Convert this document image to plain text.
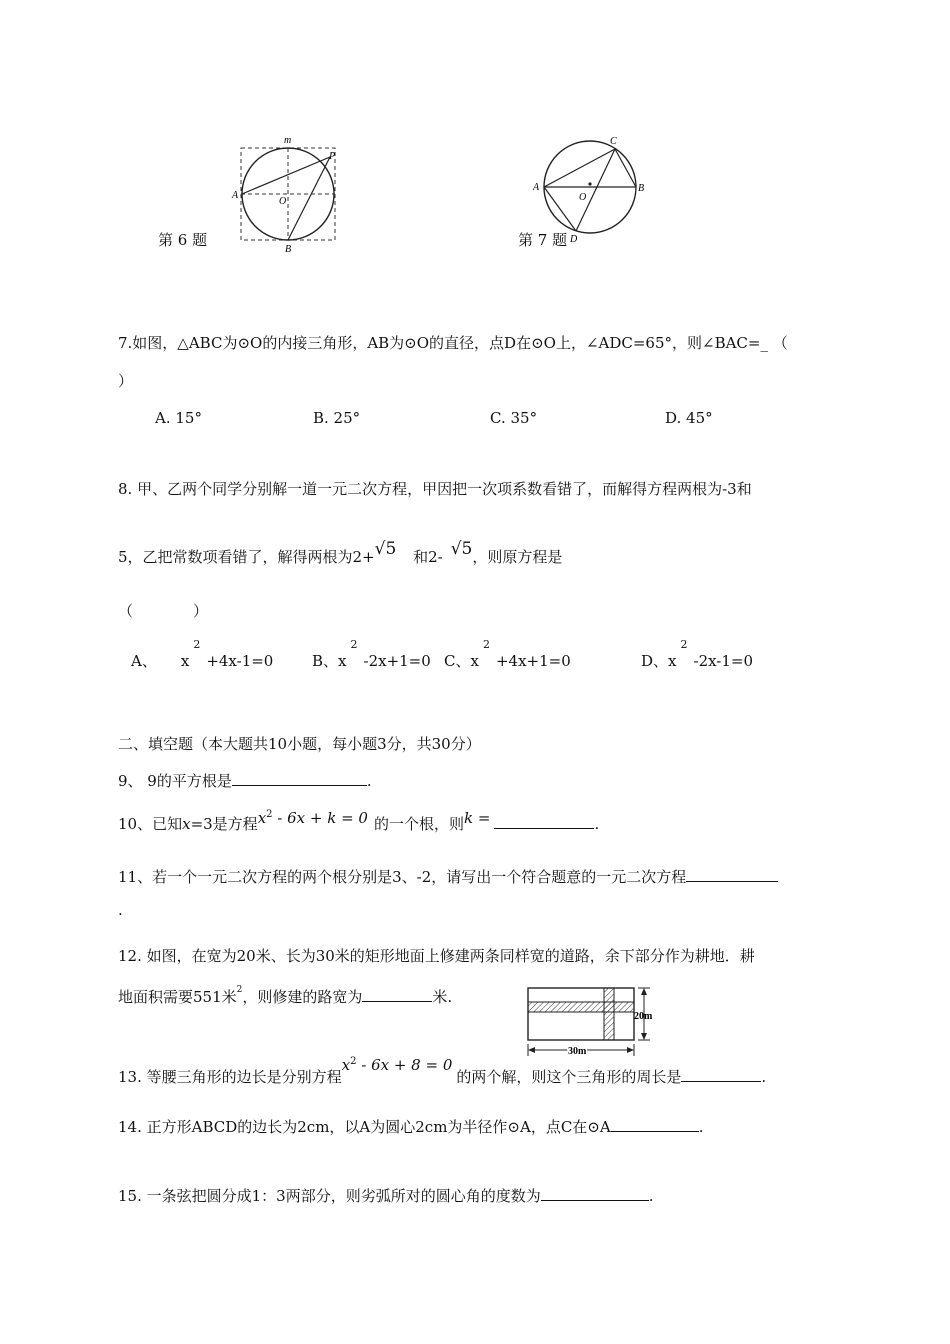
m
P
A
O
B
第 6 题
C
A
O
B
D
第 7 题
7.如图，△ABC为⊙O的内接三角形，AB为⊙O的直径，点D在⊙O上，∠ADC=65°，则∠BAC=_ （
）
A. 15°	B. 25°	C. 35°	D. 45°
8. 甲、乙两个同学分别解一道一元二次方程，甲因把一次项系数看错了，而解得方程两根为-3和
5，乙把常数项看错了，解得两根为2+√5 和2- √5，则原方程是
（　　　　）
A、 $x^2+4x-1=0$	B、$x^2-2x+1=0$ C、$x^2+4x+1=0$	D、$x^2-2x-1=0$
二、填空题（本大题共10小题，每小题3分，共30分）
9、 9的平方根是	.
10、已知x=3是方程$x^2 - 6x + k = 0$ 的一个根，则k =	.
11、若一个一元二次方程的两个根分别是3、-2，请写出一个符合题意的一元二次方程
.
12. 如图，在宽为20米、长为30米的矩形地面上修建两条同样宽的道路，余下部分作为耕地．耕
地面积需要551米$^2$，则修建的路宽为	米.
20m
30m
13. 等腰三角形的边长是分别方程$x^2 - 6x + 8 = 0$的两个解，则这个三角形的周长是	.
14. 正方形ABCD的边长为2cm，以A为圆心2cm为半径作⊙A，点C在⊙A	.
15. 一条弦把圆分成1：3两部分，则劣弧所对的圆心角的度数为	.
